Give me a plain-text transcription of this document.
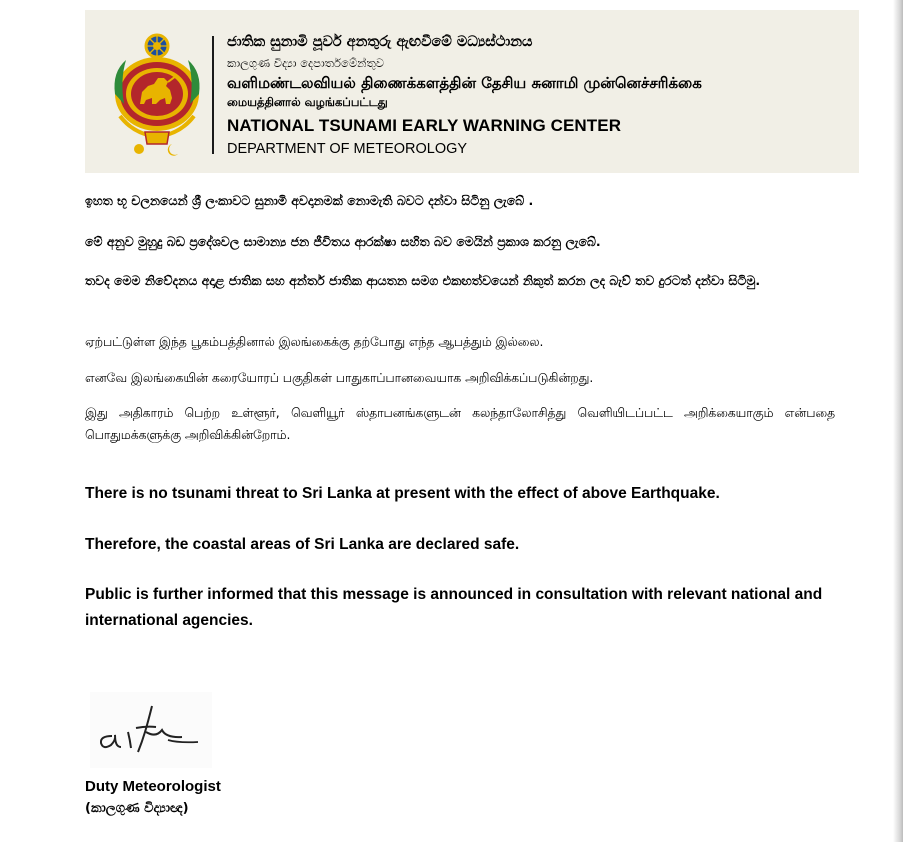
ජාතික සුනාමි පූර්ව අනතුරු ඇඟවීමේ මධ්‍යස්ථානය
කාලගුණ විද්‍යා දෙපාර්තමේන්තුව
வளிமண்டலவியல் திணைக்களத்தின் தேசிய சுனாமி முன்னெச்சரிக்கை
மையத்தினால் வழங்கப்பட்டது
NATIONAL TSUNAMI EARLY WARNING CENTER
DEPARTMENT OF METEOROLOGY

ඉහත භූ චලනයෙන් ශ්‍රී ලංකාවට සුනාමි අවදානමක් නොමැති බවට දන්වා සිටිනු ලැබේ .

මේ අනුව මුහුදු බඩ ප්‍රදේශවල සාමාන්‍ය ජන ජීවිතය ආරක්ෂා සහිත බව මෙයින් ප්‍රකාශ කරනු ලැබේ.

තවද මෙම නිවේදනය අදාළ ජාතික සහ අන්තර් ජාතික ආයතන සමග එකඟත්වයෙන් නිකුත් කරන ලද බැව් තව දුරටත් දන්වා සිටිමු.

ஏற்பட்டுள்ள இந்த பூகம்பத்தினால் இலங்கைக்கு தற்போது எந்த ஆபத்தும் இல்லை.

எனவே இலங்கையின் கரையோரப் பகுதிகள் பாதுகாப்பானவையாக அறிவிக்கப்படுகின்றது.

இது அதிகாரம் பெற்ற உள்ளூர், வெளியூர் ஸ்தாபனங்களுடன் கலந்தாலோசித்து வெளியிடப்பட்ட அறிக்கையாகும் என்பதை பொதுமக்களுக்கு அறிவிக்கின்றோம்.

There is no tsunami threat to Sri Lanka at present with the effect of above Earthquake.

Therefore, the coastal areas of Sri Lanka are declared safe.

Public is further informed that this message is announced in consultation with relevant national and international agencies.

Duty Meteorologist
(කාලගුණ විද්‍යාඥ)
